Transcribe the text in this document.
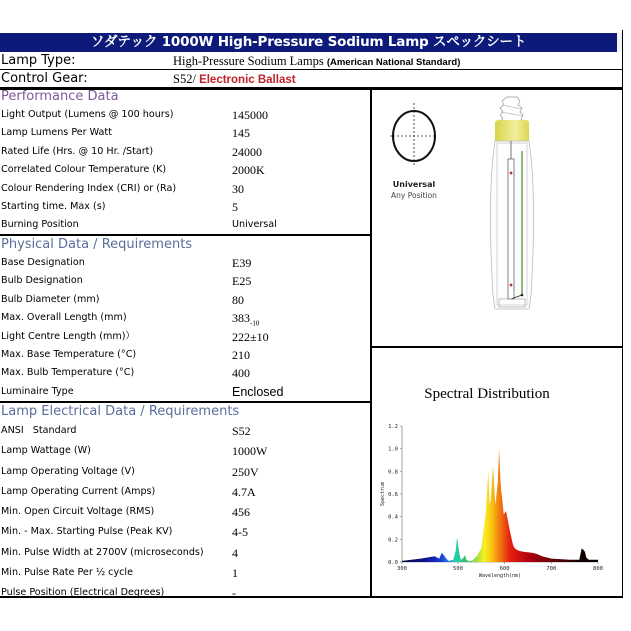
ソダテック 1000W High-Pressure Sodium Lamp スペックシート
Lamp Type:	High-Pressure Sodium Lamps (American National Standard)
Control Gear:	S52/ Electronic Ballast
Performance Data
Light Output (Lumens @ 100 hours)	145000
Lamp Lumens Per Watt	145
Rated Life (Hrs. @ 10 Hr. /Start)	24000
Correlated Colour Temperature (K)	2000K
Colour Rendering Index (CRI) or (Ra)	30
Starting time. Max (s)	5
Burning Position	Universal
Physical Data / Requirements
Base Designation	E39
Bulb Designation	E25
Bulb Diameter (mm)	80
Max. Overall Length (mm)	$383_{-10}$
Light Centre Length (mm)）	222±10
Max. Base Temperature (°C)	210
Max. Bulb Temperature (°C)	400
Luminaire Type	Enclosed
Lamp Electrical Data / Requirements
ANSI   Standard	S52
Lamp Wattage (W)	1000W
Lamp Operating Voltage (V)	250V
Lamp Operating Current (Amps)	4.7A
Min. Open Circuit Voltage (RMS)	456
Min. - Max. Starting Pulse (Peak KV)	4-5
Min. Pulse Width at 2700V (microseconds) 4
Min. Pulse Rate Per ½ cycle	1
Pulse Position (Electrical Degrees)	-
Universal
Any Position
Spectral Distribution
0.0
0.2
0.4
0.6
0.8
1.0
1.2
300	500	600	700	800
Wavelength(nm)
Spectrum
